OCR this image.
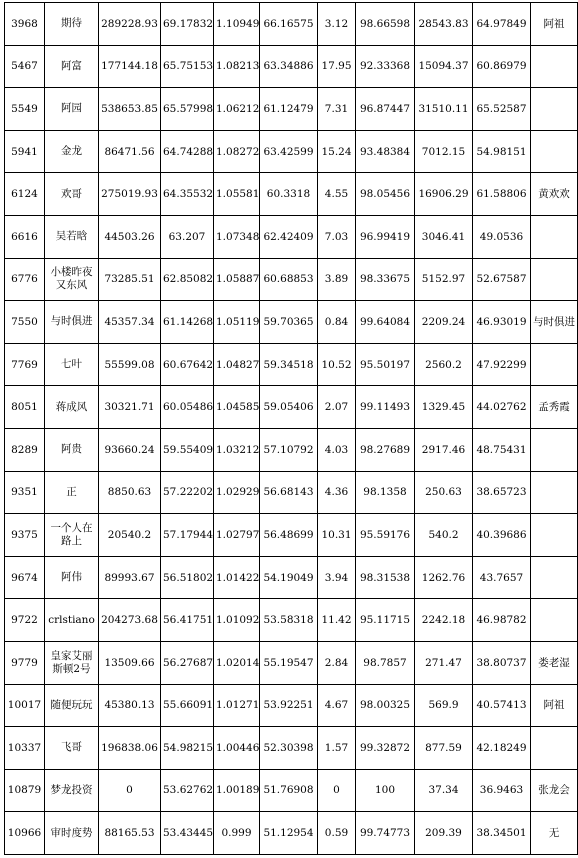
3968	期待	289228.93	69.17832	1.10949	66.16575	3.12	98.66598	28543.83	64.97849	阿祖
5467	阿富	177144.18	65.75153	1.08213	63.34886	17.95	92.33368	15094.37	60.86979	
5549	阿园	538653.85	65.57998	1.06212	61.12479	7.31	96.87447	31510.11	65.52587	
5941	金龙	86471.56	64.74288	1.08272	63.42599	15.24	93.48384	7012.15	54.98151	
6124	欢哥	275019.93	64.35532	1.05581	60.3318	4.55	98.05456	16906.29	61.58806	黄欢欢
6616	吴若晗	44503.26	63.207	1.07348	62.42409	7.03	96.99419	3046.41	49.0536	
6776	小楼昨夜又东风	73285.51	62.85082	1.05887	60.68853	3.89	98.33675	5152.97	52.67587	
7550	与时俱进	45357.34	61.14268	1.05119	59.70365	0.84	99.64084	2209.24	46.93019	与时俱进
7769	七叶	55599.08	60.67642	1.04827	59.34518	10.52	95.50197	2560.2	47.92299	
8051	蒋成风	30321.71	60.05486	1.04585	59.05406	2.07	99.11493	1329.45	44.02762	孟秀霞
8289	阿贵	93660.24	59.55409	1.03212	57.10792	4.03	98.27689	2917.46	48.75431	
9351	正	8850.63	57.22202	1.02929	56.68143	4.36	98.1358	250.63	38.65723	
9375	一个人在路上	20540.2	57.17944	1.02797	56.48699	10.31	95.59176	540.2	40.39686	
9674	阿伟	89993.67	56.51802	1.01422	54.19049	3.94	98.31538	1262.76	43.7657	
9722	crlstiano	204273.68	56.41751	1.01092	53.58318	11.42	95.11715	2242.18	46.98782	
9779	皇家艾丽斯顿2号	13509.66	56.27687	1.02014	55.19547	2.84	98.7857	271.47	38.80737	娄老湿
10017	随便玩玩	45380.13	55.66091	1.01271	53.92251	4.67	98.00325	569.9	40.57413	阿祖
10337	飞哥	196838.06	54.98215	1.00446	52.30398	1.57	99.32872	877.59	42.18249	
10879	梦龙投资	0	53.62762	1.00189	51.76908	0	100	37.34	36.9463	张龙会
10966	审时度势	88165.53	53.43445	0.999	51.12954	0.59	99.74773	209.39	38.34501	无
